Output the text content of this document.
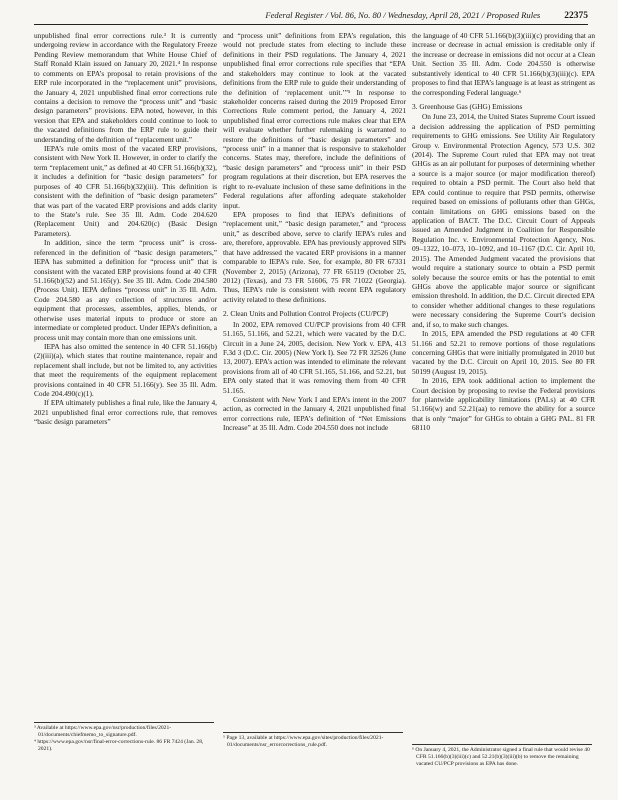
Federal Register / Vol. 86, No. 80 / Wednesday, April 28, 2021 / Proposed Rules	22375

unpublished final error corrections rule.³ It is currently undergoing review in accordance with the Regulatory Freeze Pending Review memorandum that White House Chief of Staff Ronald Klain issued on January 20, 2021.⁴ In response to comments on EPA’s proposal to retain provisions of the ERP rule incorporated in the “replacement unit” provisions, the January 4, 2021 unpublished final error corrections rule contains a decision to remove the “process unit” and “basic design parameters” provisions. EPA noted, however, in this version that EPA and stakeholders could continue to look to the vacated definitions from the ERP rule to guide their understanding of the definition of “replacement unit.”

IEPA’s rule omits most of the vacated ERP provisions, consistent with New York II. However, in order to clarify the term “replacement unit,” as defined at 40 CFR 51.166(b)(32), it includes a definition for “basic design parameters” for purposes of 40 CFR 51.166(b)(32)(iii). This definition is consistent with the definition of “basic design parameters” that was part of the vacated ERP provisions and adds clarity to the State’s rule. See 35 Ill. Adm. Code 204.620 (Replacement Unit) and 204.620(c) (Basic Design Parameters).

In addition, since the term “process unit” is cross-referenced in the definition of “basic design parameters,” IEPA has submitted a definition for “process unit” that is consistent with the vacated ERP provisions found at 40 CFR 51.166(b)(52) and 51.165(y). See 35 Ill. Adm. Code 204.580 (Process Unit). IEPA defines “process unit” in 35 Ill. Adm. Code 204.580 as any collection of structures and/or equipment that processes, assembles, applies, blends, or otherwise uses material inputs to produce or store an intermediate or completed product. Under IEPA’s definition, a process unit may contain more than one emissions unit.

IEPA has also omitted the sentence in 40 CFR 51.166(b)(2)(iii)(a), which states that routine maintenance, repair and replacement shall include, but not be limited to, any activities that meet the requirements of the equipment replacement provisions contained in 40 CFR 51.166(y). See 35 Ill. Adm. Code 204.490(c)(1).

If EPA ultimately publishes a final rule, like the January 4, 2021 unpublished final error corrections rule, that removes “basic design parameters”

³ Available at https://www.epa.gov/nsr/production/files/2021-01/documents/chiefmemo_to_signature.pdf.

⁴ https://www.epa.gov/nsr/final-error-corrections-rule. 86 FR 7424 (Jan. 28, 2021).

and “process unit” definitions from EPA’s regulation, this would not preclude states from electing to include these definitions in their PSD regulations. The January 4, 2021 unpublished final error corrections rule specifies that “EPA and stakeholders may continue to look at the vacated definitions from the ERP rule to guide their understanding of the definition of ‘replacement unit.’”⁵ In response to stakeholder concerns raised during the 2019 Proposed Error Corrections Rule comment period, the January 4, 2021 unpublished final error corrections rule makes clear that EPA will evaluate whether further rulemaking is warranted to restore the definitions of “basic design parameters” and “process unit” in a manner that is responsive to stakeholder concerns. States may, therefore, include the definitions of “basic design parameters” and “process unit” in their PSD program regulations at their discretion, but EPA reserves the right to re-evaluate inclusion of these same definitions in the Federal regulations after affording adequate stakeholder input.

EPA proposes to find that IEPA’s definitions of “replacement unit,” “basic design parameter,” and “process unit,” as described above, serve to clarify IEPA’s rules and are, therefore, approvable. EPA has previously approved SIPs that have addressed the vacated ERP provisions in a manner comparable to IEPA’s rule. See, for example, 80 FR 67331 (November 2, 2015) (Arizona), 77 FR 65119 (October 25, 2012) (Texas), and 73 FR 51606, 75 FR 71022 (Georgia). Thus, IEPA’s rule is consistent with recent EPA regulatory activity related to these definitions.

2. Clean Units and Pollution Control Projects (CU/PCP)

In 2002, EPA removed CU/PCP provisions from 40 CFR 51.165, 51.166, and 52.21, which were vacated by the D.C. Circuit in a June 24, 2005, decision. New York v. EPA, 413 F.3d 3 (D.C. Cir. 2005) (New York I). See 72 FR 32526 (June 13, 2007). EPA’s action was intended to eliminate the relevant provisions from all of 40 CFR 51.165, 51.166, and 52.21, but EPA only stated that it was removing them from 40 CFR 51.165.

Consistent with New York I and EPA’s intent in the 2007 action, as corrected in the January 4, 2021 unpublished final error corrections rule, IEPA’s definition of “Net Emissions Increase” at 35 Ill. Adm. Code 204.550 does not include

⁵ Page 13, available at https://www.epa.gov/sites/production/files/2021-01/documents/nsr_errorcorrections_rule.pdf.

the language of 40 CFR 51.166(b)(3)(iii)(c) providing that an increase or decrease in actual emission is creditable only if the increase or decrease in emissions did not occur at a Clean Unit. Section 35 Ill. Adm. Code 204.550 is otherwise substantively identical to 40 CFR 51.166(b)(3)(iii)(c). EPA proposes to find that IEPA’s language is at least as stringent as the corresponding Federal language.⁶

3. Greenhouse Gas (GHG) Emissions

On June 23, 2014, the United States Supreme Court issued a decision addressing the application of PSD permitting requirements to GHG emissions. See Utility Air Regulatory Group v. Environmental Protection Agency, 573 U.S. 302 (2014). The Supreme Court ruled that EPA may not treat GHGs as an air pollutant for purposes of determining whether a source is a major source (or major modification thereof) required to obtain a PSD permit. The Court also held that EPA could continue to require that PSD permits, otherwise required based on emissions of pollutants other than GHGs, contain limitations on GHG emissions based on the application of BACT. The D.C. Circuit Court of Appeals issued an Amended Judgment in Coalition for Responsible Regulation Inc. v. Environmental Protection Agency, Nos. 09–1322, 10–073, 10–1092, and 10–1167 (D.C. Cir. April 10, 2015). The Amended Judgment vacated the provisions that would require a stationary source to obtain a PSD permit solely because the source emits or has the potential to emit GHGs above the applicable major source or significant emission threshold. In addition, the D.C. Circuit directed EPA to consider whether additional changes to these regulations were necessary considering the Supreme Court’s decision and, if so, to make such changes.

In 2015, EPA amended the PSD regulations at 40 CFR 51.166 and 52.21 to remove portions of those regulations concerning GHGs that were initially promulgated in 2010 but vacated by the D.C. Circuit on April 10, 2015. See 80 FR 50199 (August 19, 2015).

In 2016, EPA took additional action to implement the Court decision by proposing to revise the Federal provisions for plantwide applicability limitations (PALs) at 40 CFR 51.166(w) and 52.21(aa) to remove the ability for a source that is only “major” for GHGs to obtain a GHG PAL. 81 FR 68110

⁶ On January 4, 2021, the Administrator signed a final rule that would revise 40 CFR 51.166(b)(3)(iii)(c) and 52.21(b)(3)(iii)(b) to remove the remaining vacated CU/PCP provisions as EPA has done.
